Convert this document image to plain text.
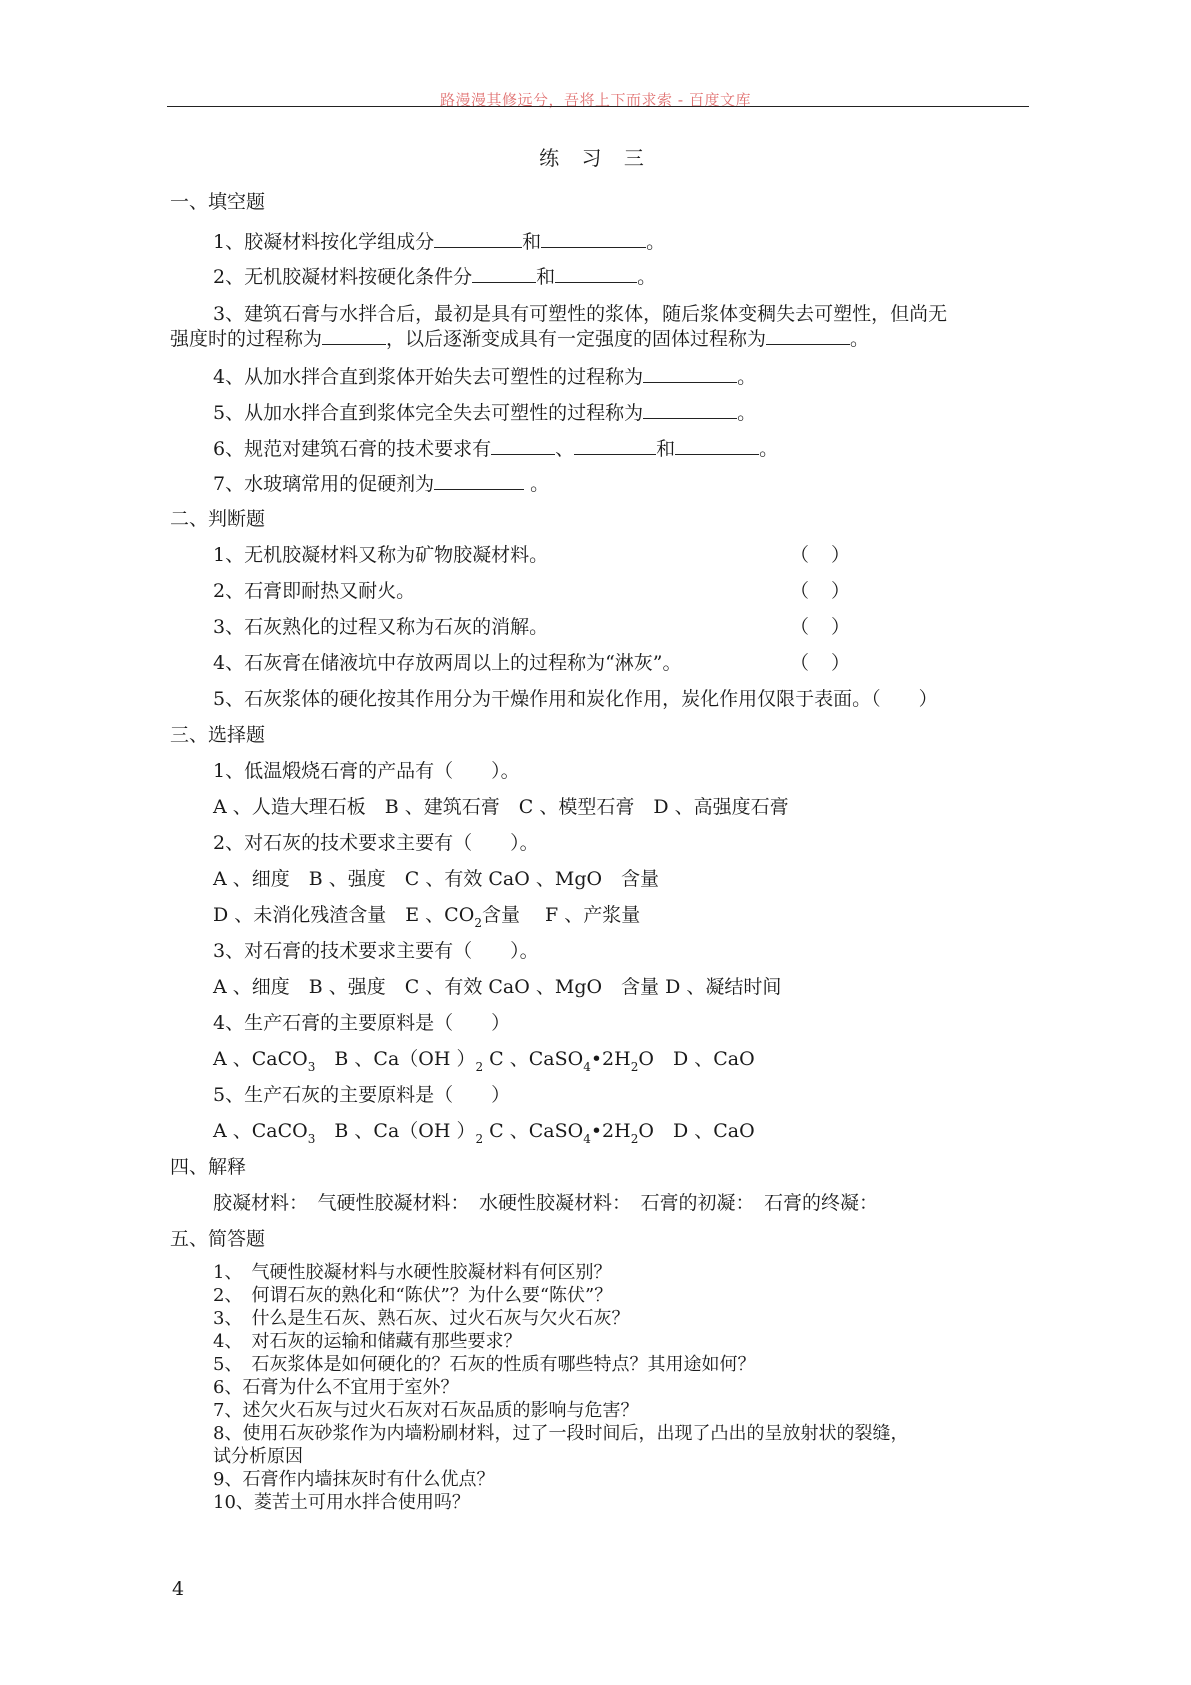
路漫漫其修远兮，吾将上下而求索 - 百度文库
练 习 三
一、填空题
1、胶凝材料按化学组成分	和	。
2、无机胶凝材料按硬化条件分	和	。
3、建筑石膏与水拌合后，最初是具有可塑性的浆体，随后浆体变稠失去可塑性，但尚无
强度时的过程称为	，以后逐渐变成具有一定强度的固体过程称为	。
4、从加水拌合直到浆体开始失去可塑性的过程称为	。
5、从加水拌合直到浆体完全失去可塑性的过程称为	。
6、规范对建筑石膏的技术要求有	、	和	。
7、水玻璃常用的促硬剂为	。
二、判断题
1、无机胶凝材料又称为矿物胶凝材料。	（ ）
2、石膏即耐热又耐火。	（ ）
3、石灰熟化的过程又称为石灰的消解。	（ ）
4、石灰膏在储液坑中存放两周以上的过程称为“淋灰”。	（ ）
5、石灰浆体的硬化按其作用分为干燥作用和炭化作用，炭化作用仅限于表面。（　　）
三、选择题
1、低温煅烧石膏的产品有（　　）。
A 、人造大理石板　B 、建筑石膏　C 、模型石膏　D 、高强度石膏
2、对石灰的技术要求主要有（　　）。
A 、细度　B 、强度　C 、有效 CaO 、MgO　含量
D 、未消化残渣含量　E 、$CO_2$含量　 F 、产浆量
3、对石膏的技术要求主要有（　　）。
A 、细度　B 、强度　C 、有效 CaO 、MgO　含量 D 、凝结时间
4、生产石膏的主要原料是（　　）
A 、CaCO$_3$　 B 、Ca（OH ）$_2$ C 、$CaSO_4•2H_2O$　 D 、CaO
5、生产石灰的主要原料是（　　）
A 、CaCO$_3$　 B 、Ca（OH ）$_2$ C 、$CaSO_4•2H_2O$　 D 、CaO
四、解释
胶凝材料：　气硬性胶凝材料：　水硬性胶凝材料：　石膏的初凝：　石膏的终凝：
五、简答题
1、　气硬性胶凝材料与水硬性胶凝材料有何区别？
2、　何谓石灰的熟化和“陈伏”？为什么要“陈伏”？
3、　什么是生石灰、熟石灰、过火石灰与欠火石灰？
4、　对石灰的运输和储藏有那些要求？
5、　石灰浆体是如何硬化的？石灰的性质有哪些特点？其用途如何？
6、石膏为什么不宜用于室外？
7、述欠火石灰与过火石灰对石灰品质的影响与危害？
8、使用石灰砂浆作为内墙粉刷材料，过了一段时间后，出现了凸出的呈放射状的裂缝，
试分析原因
9、石膏作内墙抹灰时有什么优点？
10、菱苦土可用水拌合使用吗？
4
